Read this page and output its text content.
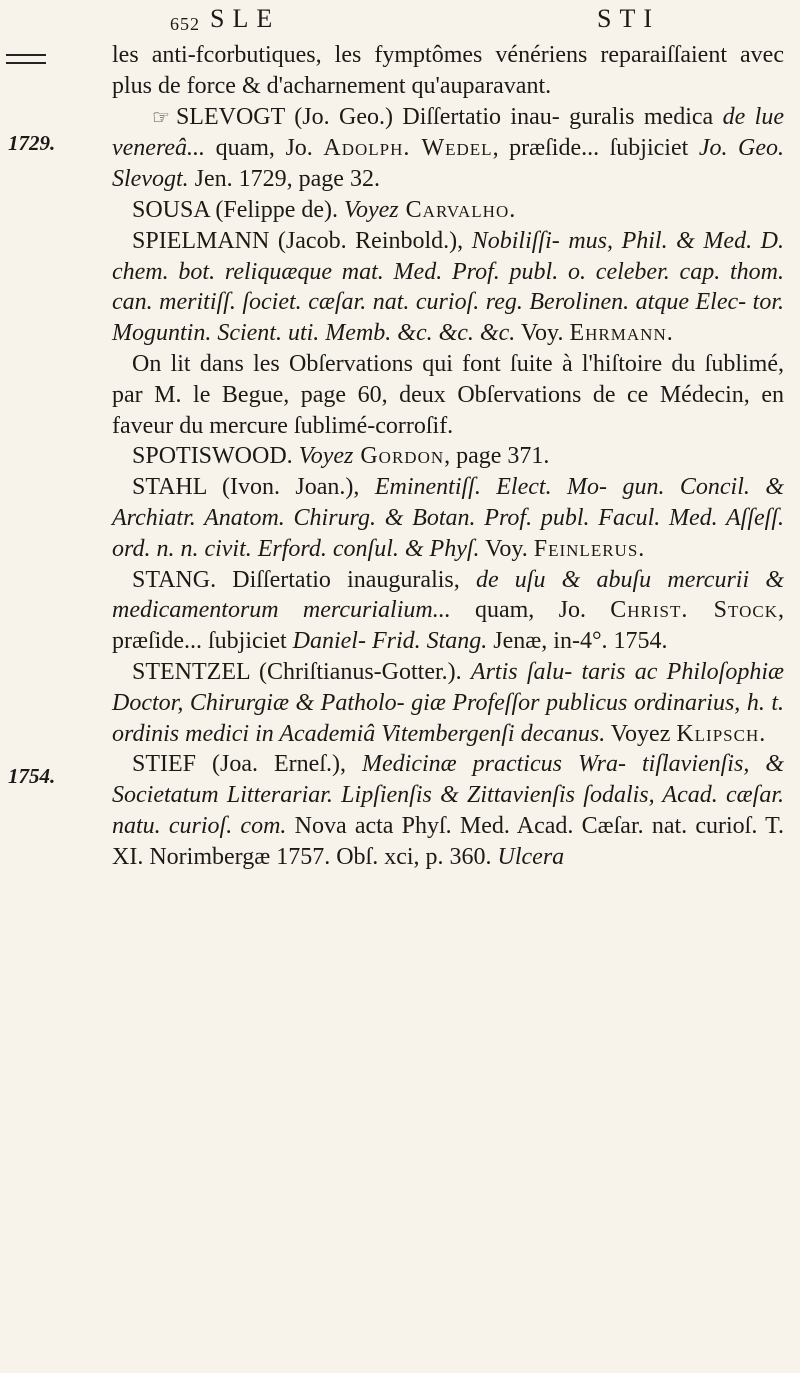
652 SLE	STI
1729.
1754.

les anti-fcorbutiques, les fymptômes vénériens reparaiſſaient avec plus de force & d'acharnement qu'auparavant.

☞ SLEVOGT (Jo. Geo.) Diſſertatio inau- guralis medica de lue venereâ... quam, Jo. Adolph. Wedel, præſide... ſubjiciet Jo. Geo. Slevogt. Jen. 1729, page 32.

SOUSA (Felippe de). Voyez Carvalho.

SPIELMANN (Jacob. Reinbold.), Nobiliſſi- mus, Phil. & Med. D. chem. bot. reliquæque mat. Med. Prof. publ. o. celeber. cap. thom. can. meritiſſ. ſociet. cæſar. nat. curioſ. reg. Berolinen. atque Elec- tor. Moguntin. Scient. uti. Memb. &c. &c. &c. Voy. Ehrmann.

On lit dans les Obſervations qui font ſuite à l'hiſtoire du ſublimé, par M. le Begue, page 60, deux Obſervations de ce Médecin, en faveur du mercure ſublimé-corroſif.

SPOTISWOOD. Voyez Gordon, page 371.

STAHL (Ivon. Joan.), Eminentiſſ. Elect. Mo- gun. Concil. & Archiatr. Anatom. Chirurg. & Botan. Prof. publ. Facul. Med. Aſſeſſ. ord. n. n. civit. Erford. conſul. & Phyſ. Voy. Feinlerus.

STANG. Diſſertatio inauguralis, de uſu & abuſu mercurii & medicamentorum mercurialium... quam, Jo. Christ. Stock, præſide... ſubjiciet Daniel- Frid. Stang. Jenæ, in-4°. 1754.

STENTZEL (Chriſtianus-Gotter.). Artis ſalu- taris ac Philoſophiæ Doctor, Chirurgiæ & Patholo- giæ Profeſſor publicus ordinarius, h. t. ordinis medici in Academiâ Vitembergenſi decanus. Voyez Klipsch.

STIEF (Joa. Erneſ.), Medicinæ practicus Wra- tiſlavienſis, & Societatum Litterariar. Lipſienſis & Zittavienſis ſodalis, Acad. cæſar. natu. curioſ. com. Nova acta Phyſ. Med. Acad. Cæſar. nat. curioſ. T. XI. Norimbergæ 1757. Obſ. xci, p. 360. Ulcera
